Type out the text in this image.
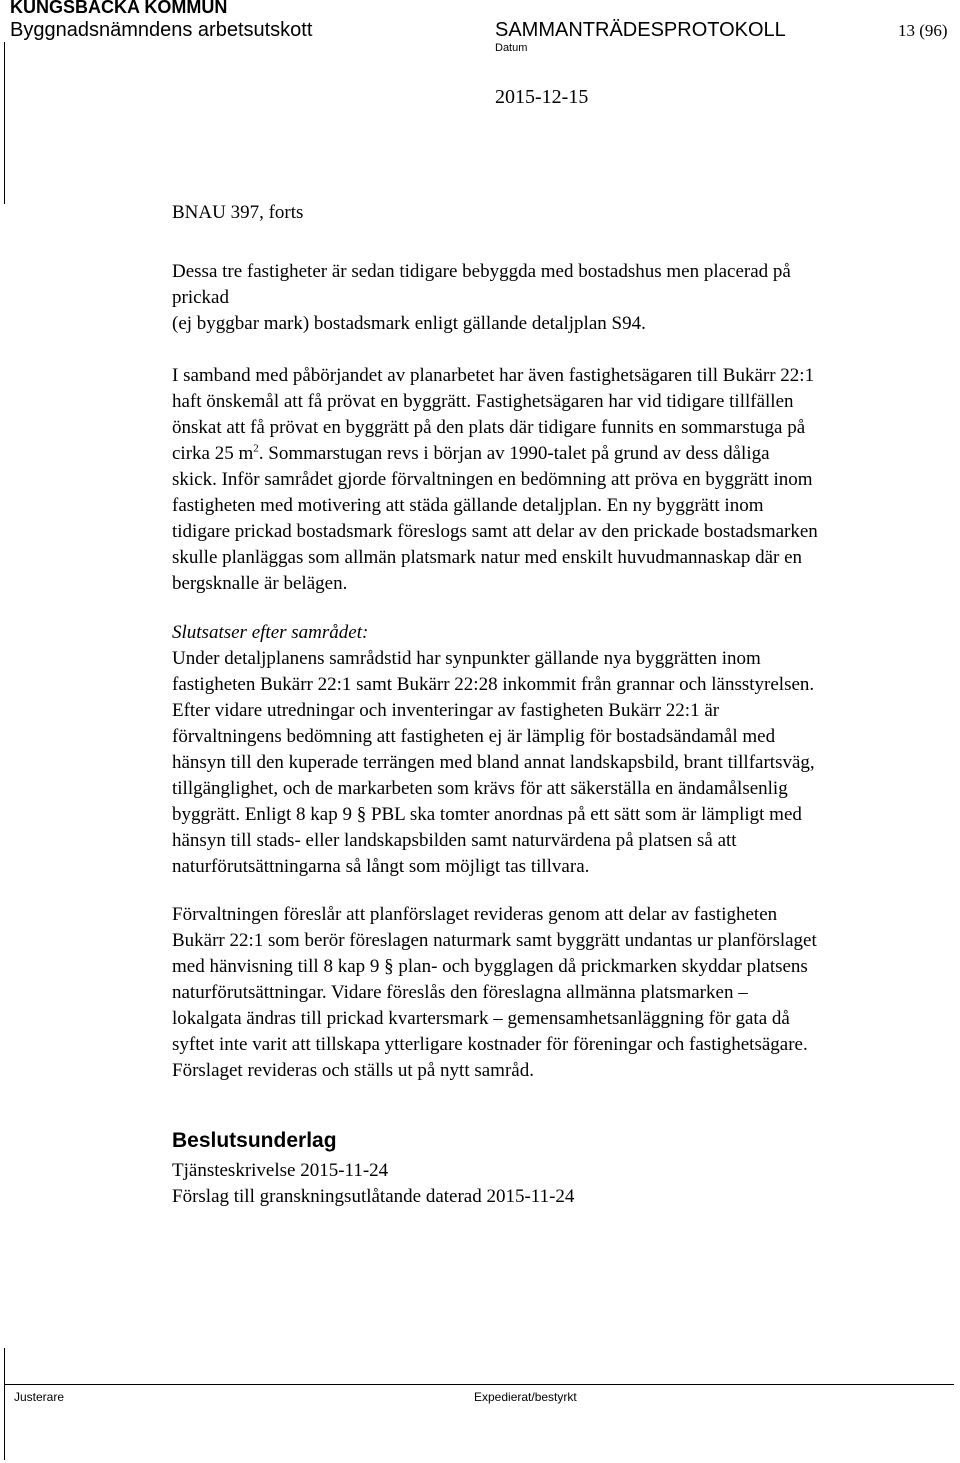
KUNGSBACKA KOMMUN
Byggnadsnämndens arbetsutskott	SAMMANTRÄDESPROTOKOLL	13 (96)
Datum
2015-12-15
BNAU 397, forts
Dessa tre fastigheter är sedan tidigare bebyggda med bostadshus men placerad på
prickad
(ej byggbar mark) bostadsmark enligt gällande detaljplan S94.
I samband med påbörjandet av planarbetet har även fastighetsägaren till Bukärr 22:1
haft önskemål att få prövat en byggrätt. Fastighetsägaren har vid tidigare tillfällen
önskat att få prövat en byggrätt på den plats där tidigare funnits en sommarstuga på
cirka 25 $m^2$. Sommarstugan revs i början av 1990-talet på grund av dess dåliga
skick. Inför samrådet gjorde förvaltningen en bedömning att pröva en byggrätt inom
fastigheten med motivering att städa gällande detaljplan. En ny byggrätt inom
tidigare prickad bostadsmark föreslogs samt att delar av den prickade bostadsmarken
skulle planläggas som allmän platsmark natur med enskilt huvudmannaskap där en
bergsknalle är belägen.
Slutsatser efter samrådet:
Under detaljplanens samrådstid har synpunkter gällande nya byggrätten inom
fastigheten Bukärr 22:1 samt Bukärr 22:28 inkommit från grannar och länsstyrelsen.
Efter vidare utredningar och inventeringar av fastigheten Bukärr 22:1 är
förvaltningens bedömning att fastigheten ej är lämplig för bostadsändamål med
hänsyn till den kuperade terrängen med bland annat landskapsbild, brant tillfartsväg,
tillgänglighet, och de markarbeten som krävs för att säkerställa en ändamålsenlig
byggrätt. Enligt 8 kap 9 § PBL ska tomter anordnas på ett sätt som är lämpligt med
hänsyn till stads- eller landskapsbilden samt naturvärdena på platsen så att
naturförutsättningarna så långt som möjligt tas tillvara.
Förvaltningen föreslår att planförslaget revideras genom att delar av fastigheten
Bukärr 22:1 som berör föreslagen naturmark samt byggrätt undantas ur planförslaget
med hänvisning till 8 kap 9 § plan- och bygglagen då prickmarken skyddar platsens
naturförutsättningar. Vidare föreslås den föreslagna allmänna platsmarken –
lokalgata ändras till prickad kvartersmark – gemensamhetsanläggning för gata då
syftet inte varit att tillskapa ytterligare kostnader för föreningar och fastighetsägare.
Förslaget revideras och ställs ut på nytt samråd.
Beslutsunderlag
Tjänsteskrivelse 2015-11-24
Förslag till granskningsutlåtande daterad 2015-11-24
Justerare	Expedierat/bestyrkt
